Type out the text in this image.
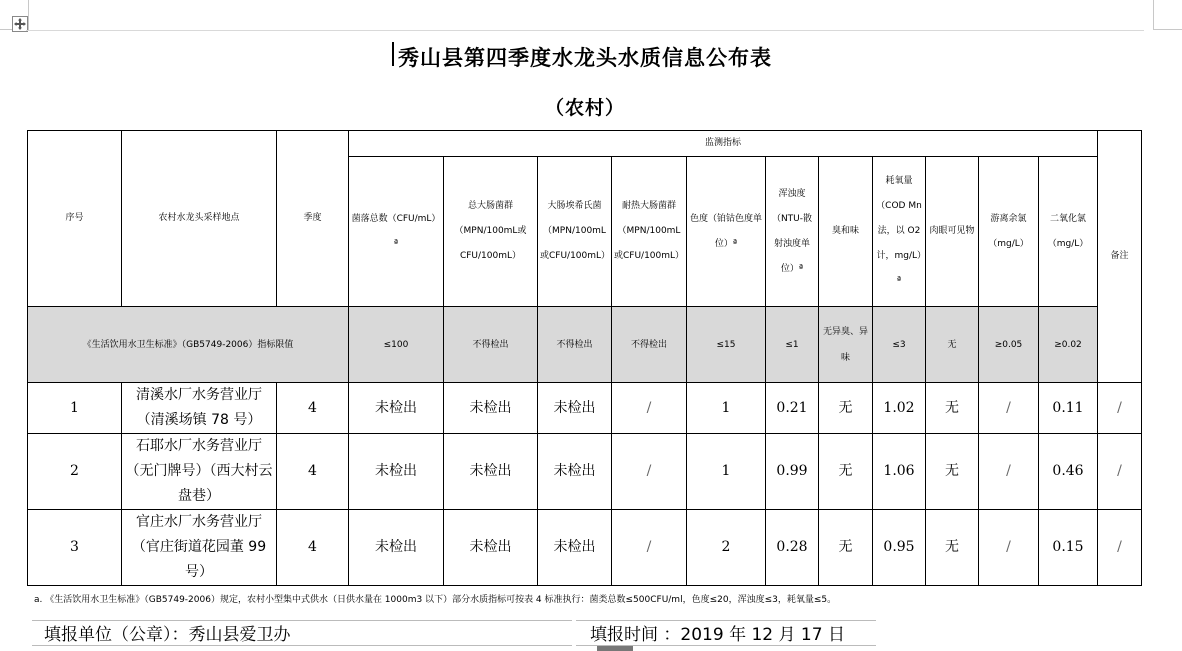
秀山县第四季度水龙头水质信息公布表
（农村）
序号	农村水龙头采样地点	季度	监测指标											备注
			菌落总数（CFU/mL）ª	总大肠菌群（MPN/100mL或 CFU/100mL）	大肠埃希氏菌（MPN/100mL 或CFU/100mL）	耐热大肠菌群（MPN/100mL 或CFU/100mL）	色度（铂钴色度单位）ª	浑浊度（NTU-散射浊度单位）ª	臭和味	耗氧量（COD Mn 法，以 O2 计，mg/L）ª	肉眼可见物	游离余氯（mg/L）	二氧化氯（mg/L）	
《生活饮用水卫生标准》（GB5749-2006）指标限值			≤100	不得检出	不得检出	不得检出	≤15	≤1	无异臭、异味	≤3	无	≥0.05	≥0.02	
1	清溪水厂水务营业厅（清溪场镇 78 号）	4	未检出	未检出	未检出	/	1	0.21	无	1.02	无	/	0.11	/
2	石耶水厂水务营业厅（无门牌号）（西大村云盘巷）	4	未检出	未检出	未检出	/	1	0.99	无	1.06	无	/	0.46	/
3	官庄水厂水务营业厅（官庄街道花园董 99 号）	4	未检出	未检出	未检出	/	2	0.28	无	0.95	无	/	0.15	/
a. 《生活饮用水卫生标准》（GB5749-2006）规定，农村小型集中式供水（日供水量在 1000m3 以下）部分水质指标可按表 4 标准执行：菌类总数≤500CFU/ml，色度≤20，浑浊度≤3，耗氧量≤5。
填报单位（公章）：秀山县爱卫办	填报时间 ：2019 年 12 月 17 日
